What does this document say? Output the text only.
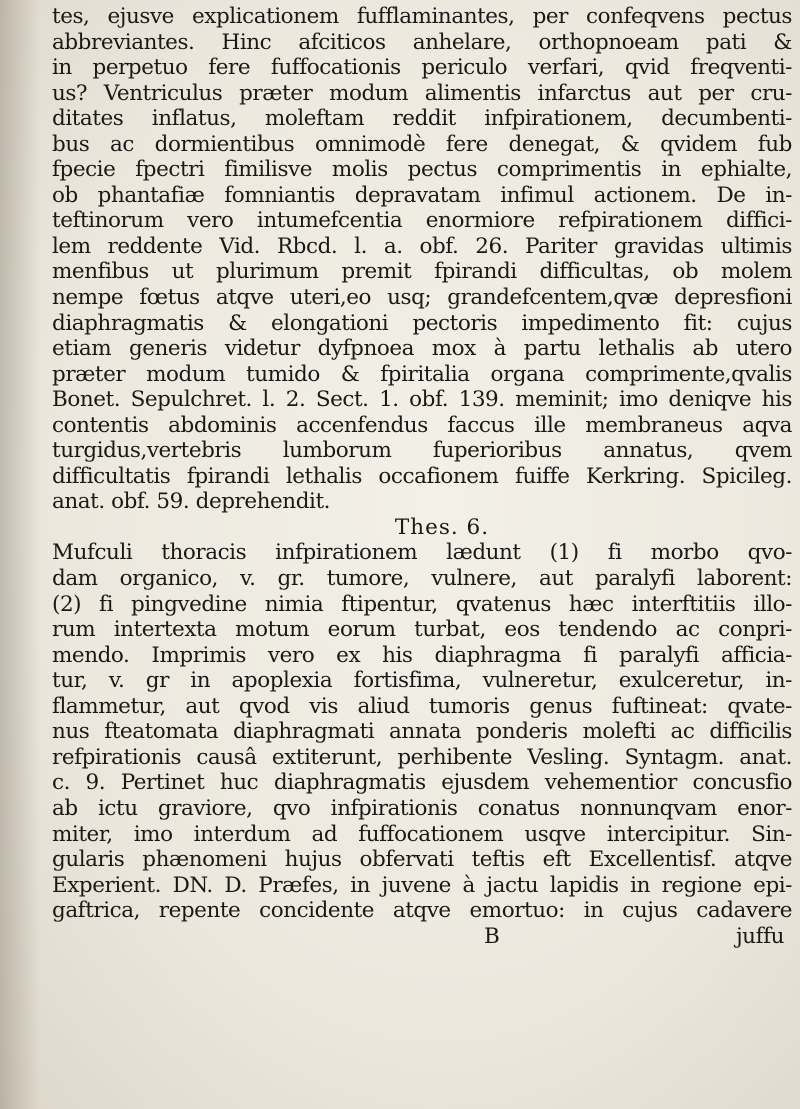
tes, ejusve explicationem fufflaminantes, per confeqvens pectus
abbreviantes. Hinc afciticos anhelare, orthopnoeam pati &
in perpetuo fere fuffocationis periculo verfari, qvid freqventi-
us? Ventriculus præter modum alimentis infarctus aut per cru-
ditates inflatus, moleftam reddit infpirationem, decumbenti-
bus ac dormientibus omnimodè fere denegat, & qvidem fub
fpecie fpectri fimilisve molis pectus comprimentis in ephialte,
ob phantafiæ fomniantis depravatam infimul actionem. De in-
teftinorum vero intumefcentia enormiore refpirationem diffici-
lem reddente Vid. Rbcd. l. a. obf. 26. Pariter gravidas ultimis
menfibus ut plurimum premit fpirandi difficultas, ob molem
nempe fœtus atqve uteri,eo usq; grandefcentem,qvæ depresfioni
diaphragmatis & elongationi pectoris impedimento fit: cujus
etiam generis videtur dyfpnoea mox à partu lethalis ab utero
præter modum tumido & fpiritalia organa comprimente,qvalis
Bonet. Sepulchret. l. 2. Sect. 1. obf. 139. meminit; imo deniqve his
contentis abdominis accenfendus faccus ille membraneus aqva
turgidus,vertebris lumborum fuperioribus annatus, qvem
difficultatis fpirandi lethalis occafionem fuiffe Kerkring. Spicileg.
anat. obf. 59. deprehendit.
Thes. 6.
Mufculi thoracis infpirationem lædunt (1) fi morbo qvo-
dam organico, v. gr. tumore, vulnere, aut paralyfi laborent:
(2) fi pingvedine nimia ftipentur, qvatenus hæc interftitiis illo-
rum intertexta motum eorum turbat, eos tendendo ac conpri-
mendo. Imprimis vero ex his diaphragma fi paralyfi afficia-
tur, v. gr in apoplexia fortisfima, vulneretur, exulceretur, in-
flammetur, aut qvod vis aliud tumoris genus fuftineat: qvate-
nus fteatomata diaphragmati annata ponderis molefti ac difficilis
refpirationis causâ extiterunt, perhibente Vesling. Syntagm. anat.
c. 9. Pertinet huc diaphragmatis ejusdem vehementior concusfio
ab ictu graviore, qvo infpirationis conatus nonnunqvam enor-
miter, imo interdum ad fuffocationem usqve intercipitur. Sin-
gularis phænomeni hujus obfervati teftis eft Excellentisf. atqve
Experient. DN. D. Præfes, in juvene à jactu lapidis in regione epi-
gaftrica, repente concidente atqve emortuo: in cujus cadavere

B	juffu
